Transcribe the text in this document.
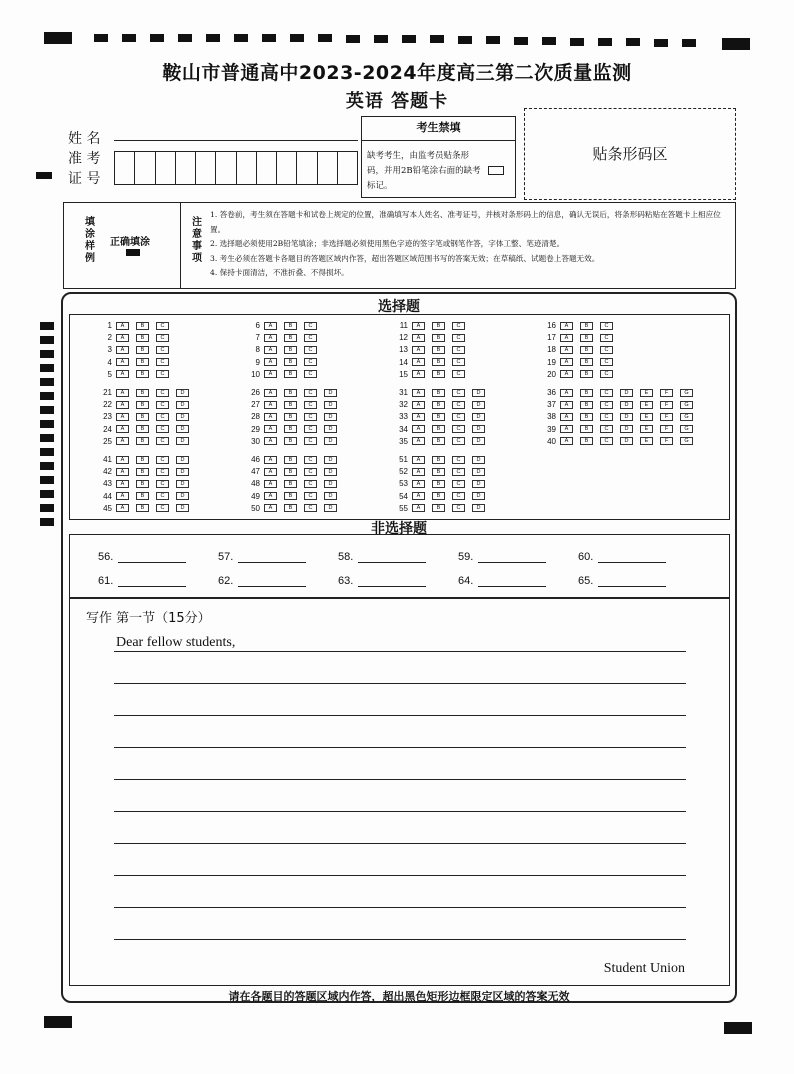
鞍山市普通高中2023-2024年度高三第二次质量监测
英语 答题卡
姓 名
准 考
证 号
考生禁填
缺考考生，由监考员贴条形码，并用2B铅笔涂右面的缺考标记。
贴条形码区
填涂样例
正确填涂
注意事项
1. 答卷前，考生须在答题卡和试卷上规定的位置，准确填写本人姓名、准考证号，并核对条形码上的信息，确认无误后，将条形码粘贴在答题卡上相应位置。
2. 选择题必须使用2B铅笔填涂；非选择题必须使用黑色字迹的签字笔或钢笔作答，字体工整、笔迹清楚。
3. 考生必须在答题卡各题目的答题区域内作答，超出答题区域范围书写的答案无效；在草稿纸、试题卷上答题无效。
4. 保持卡面清洁，不准折叠、不得损坏。
选择题
1	A	B	C
2	A	B	C
3	A	B	C
4	A	B	C
5	A	B	C
6	A	B	C
7	A	B	C
8	A	B	C
9	A	B	C
10	A	B	C
11	A	B	C
12	A	B	C
13	A	B	C
14	A	B	C
15	A	B	C
16	A	B	C
17	A	B	C
18	A	B	C
19	A	B	C
20	A	B	C
21	A	B	C	D
22	A	B	C	D
23	A	B	C	D
24	A	B	C	D
25	A	B	C	D
26	A	B	C	D
27	A	B	C	D
28	A	B	C	D
29	A	B	C	D
30	A	B	C	D
31	A	B	C	D
32	A	B	C	D
33	A	B	C	D
34	A	B	C	D
35	A	B	C	D
36	A	B	C	D	E	F	G
37	A	B	C	D	E	F	G
38	A	B	C	D	E	F	G
39	A	B	C	D	E	F	G
40	A	B	C	D	E	F	G
41	A	B	C	D
42	A	B	C	D
43	A	B	C	D
44	A	B	C	D
45	A	B	C	D
46	A	B	C	D
47	A	B	C	D
48	A	B	C	D
49	A	B	C	D
50	A	B	C	D
51	A	B	C	D
52	A	B	C	D
53	A	B	C	D
54	A	B	C	D
55	A	B	C	D
非选择题
56.	57.	58.	59.	60.
61.	62.	63.	64.	65.
写作 第一节（15分）
Dear fellow students,
Student Union
请在各题目的答题区域内作答，超出黑色矩形边框限定区域的答案无效
